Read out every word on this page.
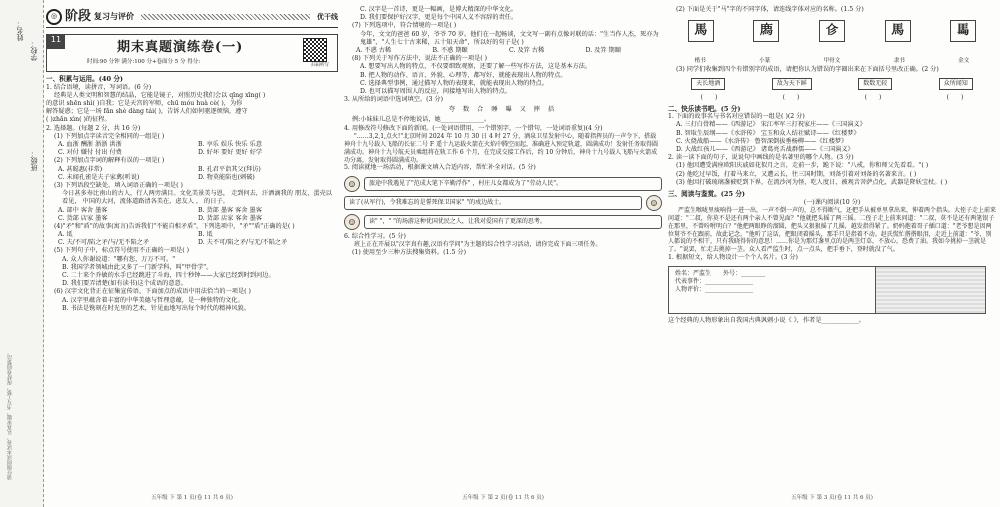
姓名：
班级：
学校：
请仔细阅读本试卷，认真审题，书写工整，保持卷面整洁。
◎ 阶段 复习与评价	优干线
11
期末真题演练卷(一)
时间:90 分钟 满分:100 分+卷面分 5 分 得分:
扫码听写

一、积累与运用。(40 分)

1. 结合语境，读拼音，写词语。(6 分)

经典是人类文明和智慧的结晶，它能是镜子，对照历史我们会以 qīng xīng( )

的意识 shēn shì( )自我；它是天宫的军师，chū móu huà cè( )，为你

解答疑惑；它是一场 fǎn shè dàng tái( )，告诉人们如何驱逐烦恼，遵守

( )zhǎn xìn( )的征程。

2. 选择题。(每题 2 分，共 16 分)

(1) 下列加点字读音完全相同的一组是( )

A. 血浙 酬浙 浙浙 洪浙	B. 享乐 娱乐 快乐 乐意
C. 对付 嫌付 付出 付费	D. 好坏 要好 更好 好学

(2) 下列加点字词的解释有误的一项是( )

A. 甚聪惠(非常)	B. 孔君平诣其父(拜访)
C. 未闻孔雀是夫子家禽(听说)	D. 物莫能陷也(刺破)

(3) 下列语段空缺处，填入词语正确的一项是( )

今日甚多寿比南山的古人，行人两旁满目。文化美景美与恩， 走到何去，汗洒滴我的 朋友，蛋壳以看见， 中国的大河，流体道路清各美在，虑友人 ， 的日子。

A. 部中 客舍 墨客	B. 货部 墨客 客舍 墨客
C. 货部 店家 墨客	D. 货部 店家 客舍 墨客

(4)"矛"和"盾"的故事(寓言)告诉我们"不能自相矛盾"，下列选项中，"矛""盾"正确的是( )

A. 坻	B. 坻
C. 夫/不可/陷之矛/与/无不陷之矛	D. 夫不可/陷之矛/与无/不陷之矛

(5) 下列句子中，标点符号使用不正确的一项是( )

A. 众人你谢说道："哪有您，万万不可。"

B. 我国学者领城由此又多了一门新学科，叫"甲骨学"。

C. 二十来个乔敏的水手已经跳进了斗海，四十秒钟——大家已经到时到河边。

D. 我们要弄清楚(如有读书)这个成语的意意。

(6) 汉字文化背正在征集宣传语，下面加点的成语中用法恰当的一项是( )

A. 汉字里蕴含着丰富的中华美德与哲理意蕴，是一种独特的文化。

B. 书法是镌刻在时光里的艺术，针见血地写出每个时代的精神风貌。

五年级 下 第 1 页(卷 11 共 6 页)

C. 汉字是一首诗，更是一幅画，是博大精深的中华文化。

D. 我们要保护好汉字，更是每个中国人义不容辞的责任。

(7) 下列选项中，符合情境的一项是( )

今年，文文的爸爸 60 岁，爷爷 70 岁。他们在一起畅谈，文文写一副有点像对联的话："生当作人杰，死亦为鬼雄"，"人生七十古来稀，五十知天命"，所以好的句子是( )

A. 不惑 古稀	B. 不惑 期颐	C. 及笄 古稀	D. 及笄 期颐

(8) 下列关于写作方法中，说法不正确的一项是( )

A. 想要写出人物的特点，不仅要细致观察，还要了解一些写作方法，这是基本方法。

B. 把人物的动作、语言、外貌、心理等，都写好，就能表现出人物的特点。

C. 选择典型事例，通过描写人物的表现来，就能表现出人物的特点。

D. 也可以描写周围人的反应，间接地写出人物的特点。

3. 从所给的词语中选词填空。(3 分)

夸 数 合 睡 曝 又 摔 括

例:小妹妹儿总是不停地说话，她______________。

4. 用修改符号修改下面的新闻。(一处词语错用，一个错别字，一个错句，一处词语重复)(4 分)

"……3,2,1,点火!"北京时间 2024 年 10 月 30 日 4 时 27 分，酒泉卫星发射中心，随着指挥员的一声令下，搭载神舟十九号载人飞船的长征二号 F 遥十九运载火箭在火焰中腾空而起，准确进入预定轨道，圆满成功！发射任务取得圆满成功。神舟十九号航天员乘组将在轨工作 6 个月，在完成交接工作后，约 10 分钟后，神舟十九号载人飞船与火箭成功分离，发射取得圆满成功。

5. 阅读就地一场活动，根据课文填入合适内容，帮忙补全对话。(5 分)

☺	旅途中我遇见了"范成大笔下辛勤浮作" ，村庄儿女都成为了"劳动人民"。
读了(从军行)，令我难忘的是誓死保卫国家" "的戍边战士。	☺
☺	读" "，" "的场游这种优国优民之人，让我对爱国有了更深的思考。

6. 综合性学习。(5 分)

班上正在开展以"汉字真有趣,汉语有学问"为主题的综合性学习活动，请你完成下面三项任务。

(1) 使用至少三种方法搜集资料。(1.5 分)

五年级 下 第 2 页(卷 11 共 6 页)

(2) 下面是关于"马"字的不同字体，请连线字体对应的名称。(1.5 分)

馬	𢊁	𢒃	馬	𩡧
楷书	小篆	甲骨文	隶书	金文

(3) 同学们收集到四个有错别字的成语，请把你认为错误的字圈出来在下面括号里改正确。(2 分)

天长地酒	敌为天下鲜	数数无较	众所闻知
(　　)	(　　)	(　　)	(　　)

二、快乐读书吧。(5 分)

1. 下面的故事名与书名对应错误的一组是( )(2 分)

A. 三打白骨精——《西游记》 宋江率军三打祝家庄——《三国演义》

B. 智取生辰纲——《水浒传》 宝玉和众人结社赋诗——《红楼梦》

C. 火烧战船——《水浒传》 鲁智深倒拔垂杨柳——《红楼梦》

D. 大战红孩儿——《西游记》 诸葛亮舌战群儒——《三国演义》

2. 读一读下面的句子，说说句中画线的是名著里的哪个人物。(3 分)

(1) 他因遭受满座欧阳庆戚如花似月之言，走前一步，跪下说："八戒，你和师父先看看。"( )

(2) 他吃过早饭，打着马来立，又遭云长，往三国时期，刘备引着对刘备的名著来言。( )

(3) 他因打破琉璃盏被贬到下界，在流沙河为怪，吃人度日，被观音菩萨点化，武器是降妖宝杖。( )

三、阅读与鉴赏。(25 分)

(一)课内阅读(10 分)

严监生喉咙里痰响得一进一出，一声不倒一声的，总不得断气，还把手从被单里拿出来，伸着两个指头。大侄子走上前来问道："二叔，你莫不是还有两个亲人不曾见面？"他就把头摇了两三摇。二侄子走上前来问道："二叔，莫不是还有两笔银子在那里，不曾吩咐明白？"他把两眼睁的溜圆，把头又狠狠摇了几摇，越发指得紧了。奶妈抱着哥子插口道："老爷想是因两位舅爷不在跟前，故此记念。"他听了这话，把眼闭着摇头，那手只是指着不动。赵氏慌忙揩揩眼泪，走近上前道："爷，别人都说的不相干，只有我晓得你的意思！……你是为那灯盏里点的是两茎灯草，不放心，恐费了油。我如今挑掉一茎就是了。"说罢，忙走去挑掉一茎。众人看严监生时，点一点头，把手垂下，登时就没了气。

1. 根据短文，给人物设计一个个人名片。(3 分)

姓名：严监生　　 外号：________

代表事件：________________

人物评价：________________

这个经典的人物形象出自我国古典讽刺小说《 》，作者是____________。

五年级 下 第 3 页(卷 11 共 6 页)
